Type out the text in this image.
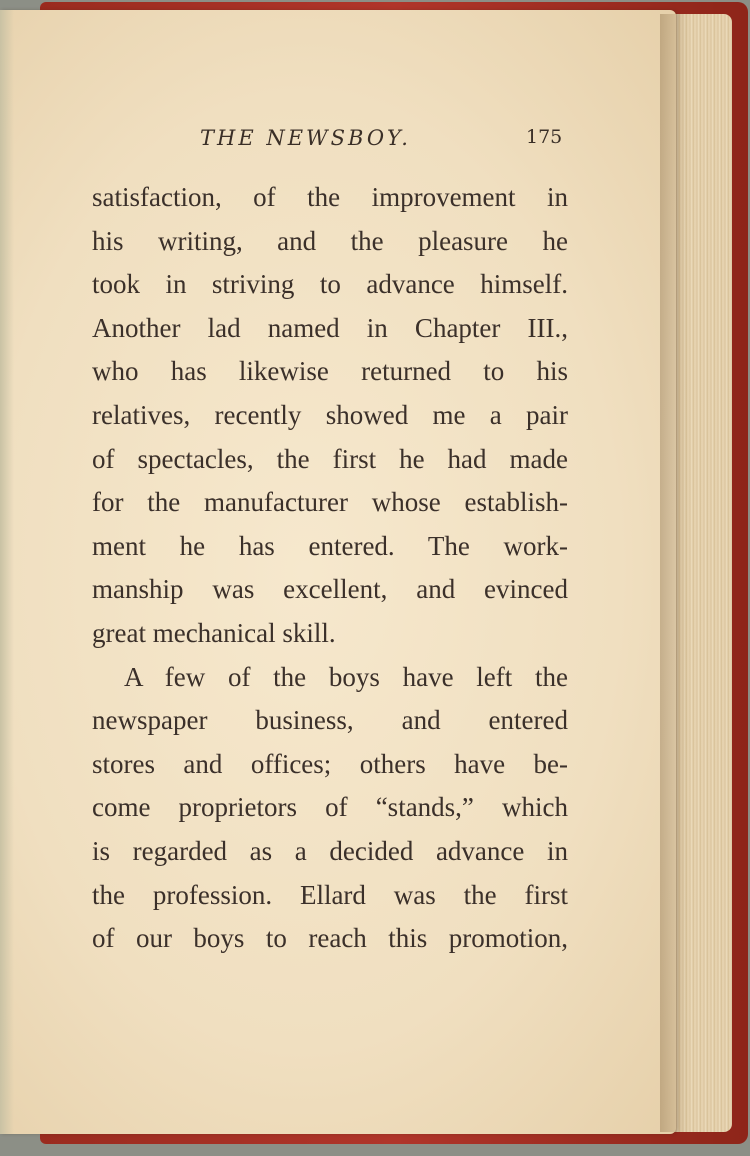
THE NEWSBOY.	175
satisfaction, of the improvement in
his writing, and the pleasure he
took in striving to advance himself.
Another lad named in Chapter III.,
who has likewise returned to his
relatives, recently showed me a pair
of spectacles, the first he had made
for the manufacturer whose establish-
ment he has entered. The work-
manship was excellent, and evinced
great mechanical skill.
A few of the boys have left the
newspaper business, and entered
stores and offices; others have be-
come proprietors of “stands,” which
is regarded as a decided advance in
the profession. Ellard was the first
of our boys to reach this promotion,
